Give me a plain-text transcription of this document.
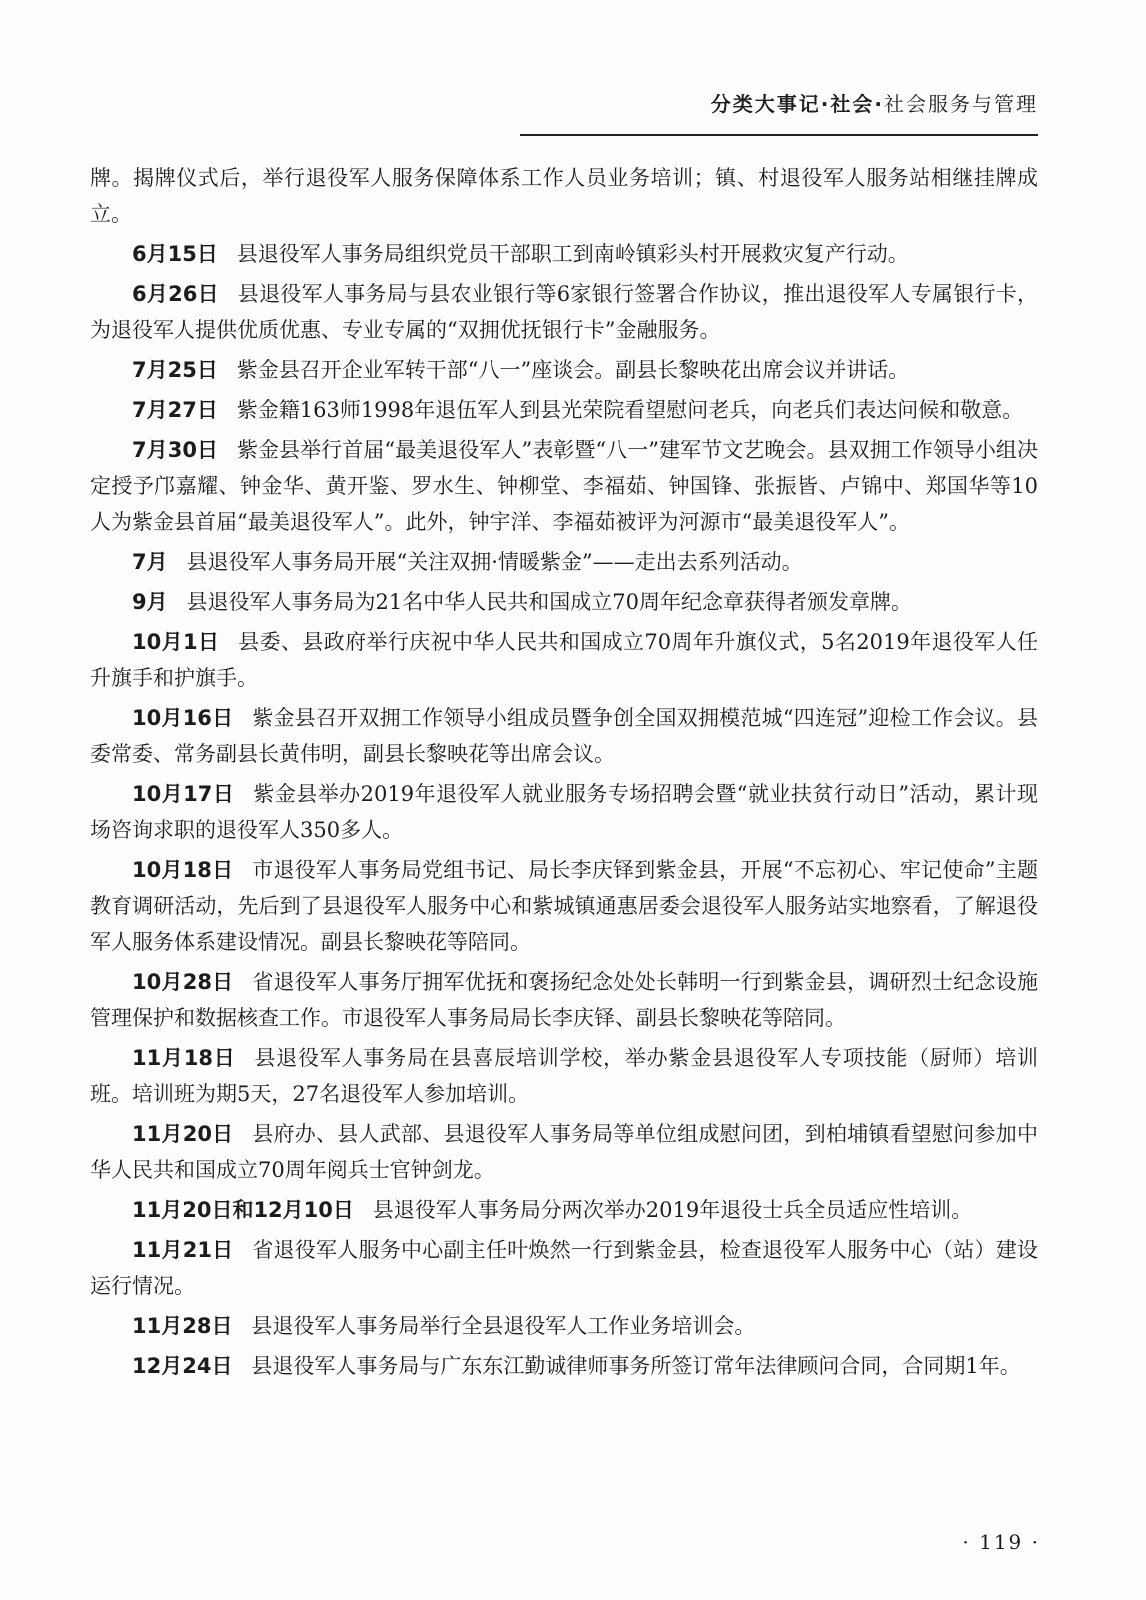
分类大事记·社会·社会服务与管理

牌。揭牌仪式后，举行退役军人服务保障体系工作人员业务培训；镇、村退役军人服务站相继挂牌成立。

6月15日 县退役军人事务局组织党员干部职工到南岭镇彩头村开展救灾复产行动。

6月26日 县退役军人事务局与县农业银行等6家银行签署合作协议，推出退役军人专属银行卡，为退役军人提供优质优惠、专业专属的“双拥优抚银行卡”金融服务。

7月25日 紫金县召开企业军转干部“八一”座谈会。副县长黎映花出席会议并讲话。

7月27日 紫金籍163师1998年退伍军人到县光荣院看望慰问老兵，向老兵们表达问候和敬意。

7月30日 紫金县举行首届“最美退役军人”表彰暨“八一”建军节文艺晚会。县双拥工作领导小组决定授予邝嘉耀、钟金华、黄开鉴、罗水生、钟柳堂、李福茹、钟国锋、张振皆、卢锦中、郑国华等10人为紫金县首届“最美退役军人”。此外，钟宇洋、李福茹被评为河源市“最美退役军人”。

7月 县退役军人事务局开展“关注双拥·情暖紫金”——走出去系列活动。

9月 县退役军人事务局为21名中华人民共和国成立70周年纪念章获得者颁发章牌。

10月1日 县委、县政府举行庆祝中华人民共和国成立70周年升旗仪式，5名2019年退役军人任升旗手和护旗手。

10月16日 紫金县召开双拥工作领导小组成员暨争创全国双拥模范城“四连冠”迎检工作会议。县委常委、常务副县长黄伟明，副县长黎映花等出席会议。

10月17日 紫金县举办2019年退役军人就业服务专场招聘会暨“就业扶贫行动日”活动，累计现场咨询求职的退役军人350多人。

10月18日 市退役军人事务局党组书记、局长李庆铎到紫金县，开展“不忘初心、牢记使命”主题教育调研活动，先后到了县退役军人服务中心和紫城镇通惠居委会退役军人服务站实地察看，了解退役军人服务体系建设情况。副县长黎映花等陪同。

10月28日 省退役军人事务厅拥军优抚和褒扬纪念处处长韩明一行到紫金县，调研烈士纪念设施管理保护和数据核查工作。市退役军人事务局局长李庆铎、副县长黎映花等陪同。

11月18日 县退役军人事务局在县喜辰培训学校，举办紫金县退役军人专项技能（厨师）培训班。培训班为期5天，27名退役军人参加培训。

11月20日 县府办、县人武部、县退役军人事务局等单位组成慰问团，到柏埔镇看望慰问参加中华人民共和国成立70周年阅兵士官钟剑龙。

11月20日和12月10日 县退役军人事务局分两次举办2019年退役士兵全员适应性培训。

11月21日 省退役军人服务中心副主任叶焕然一行到紫金县，检查退役军人服务中心（站）建设运行情况。

11月28日 县退役军人事务局举行全县退役军人工作业务培训会。

12月24日 县退役军人事务局与广东东江勤诚律师事务所签订常年法律顾问合同，合同期1年。

· 119 ·
